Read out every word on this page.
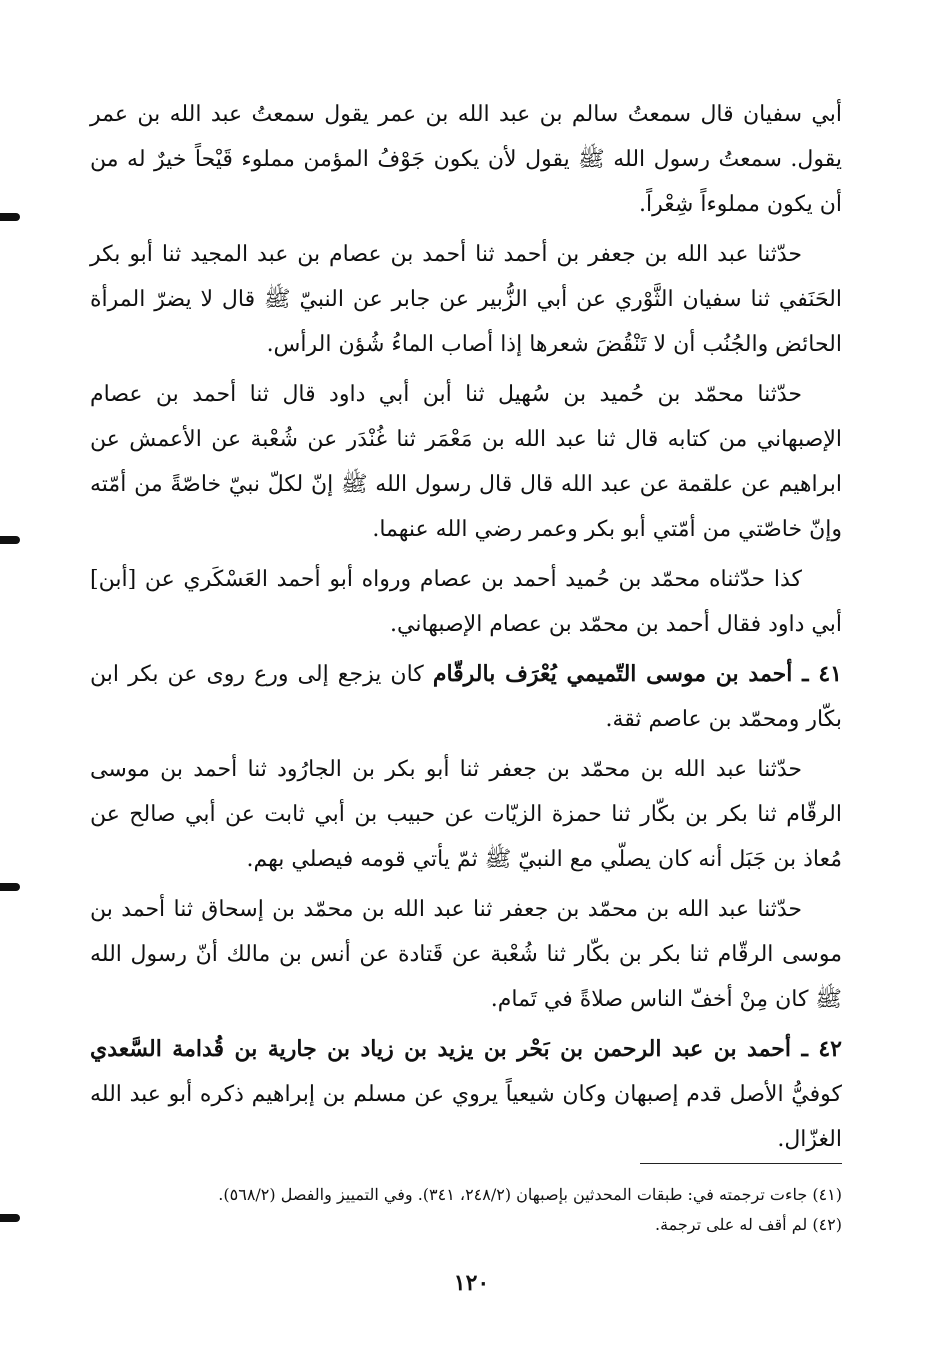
أبي سفيان قال سمعتُ سالم بن عبد الله بن عمر يقول سمعتُ عبد الله بن عمر يقول. سمعتُ رسول الله ﷺ يقول لأن يكون جَوْفُ المؤمن مملوء قَيْحاً خيرٌ له من أن يكون مملوءاً شِعْراً.

حدّثنا عبد الله بن جعفر بن أحمد ثنا أحمد بن عصام بن عبد المجيد ثنا أبو بكر الحَنَفي ثنا سفيان الثَّوْري عن أبي الزُّبير عن جابر عن النبيّ ﷺ قال لا يضرّ المرأة الحائض والجُنُب أن لا تَنْقُضَ شعرها إذا أصاب الماءُ شُؤن الرأس.

حدّثنا محمّد بن حُميد بن سُهيل ثنا أبن أبي داود قال ثنا أحمد بن عصام الإصبهاني من كتابه قال ثنا عبد الله بن مَعْمَر ثنا غُنْدَر عن شُعْبة عن الأعمش عن ابراهيم عن علقمة عن عبد الله قال قال رسول الله ﷺ إنّ لكلّ نبيّ خاصّةً من أمّته وإنّ خاصّتي من أمّتي أبو بكر وعمر رضي الله عنهما.

كذا حدّثناه محمّد بن حُميد أحمد بن عصام ورواه أبو أحمد العَسْكَري عن [أبن] أبي داود فقال أحمد بن محمّد بن عصام الإصبهاني.

٤١ ـ أحمد بن موسى التّميمي يُعْرَف بالرقّام كان يزجع إلى ورع روى عن بكر ابن بكّار ومحمّد بن عاصم ثقة.

حدّثنا عبد الله بن محمّد بن جعفر ثنا أبو بكر بن الجارُود ثنا أحمد بن موسى الرقّام ثنا بكر بن بكّار ثنا حمزة الزيّات عن حبيب بن أبي ثابت عن أبي صالح عن مُعاذ بن جَبَل أنه كان يصلّي مع النبيّ ﷺ ثمّ يأتي قومه فيصلي بهم.

حدّثنا عبد الله بن محمّد بن جعفر ثنا عبد الله بن محمّد بن إسحاق ثنا أحمد بن موسى الرقّام ثنا بكر بن بكّار ثنا شُعْبة عن قَتادة عن أنس بن مالك أنّ رسول الله ﷺ كان مِنْ أخفّ الناس صلاةً في تَمام.

٤٢ ـ أحمد بن عبد الرحمن بن بَحْر بن يزيد بن زياد بن جارية بن قُدامة السَّعدي كوفيُّ الأصل قدم إصبهان وكان شيعياً يروي عن مسلم بن إبراهيم ذكره أبو عبد الله الغزّال.

(٤١) جاءت ترجمته في: طبقات المحدثين بإصبهان (٢٤٨/٢، ٣٤١). وفي التمييز والفصل (٥٦٨/٢).

(٤٢) لم أقف له على ترجمة.

١٢٠
